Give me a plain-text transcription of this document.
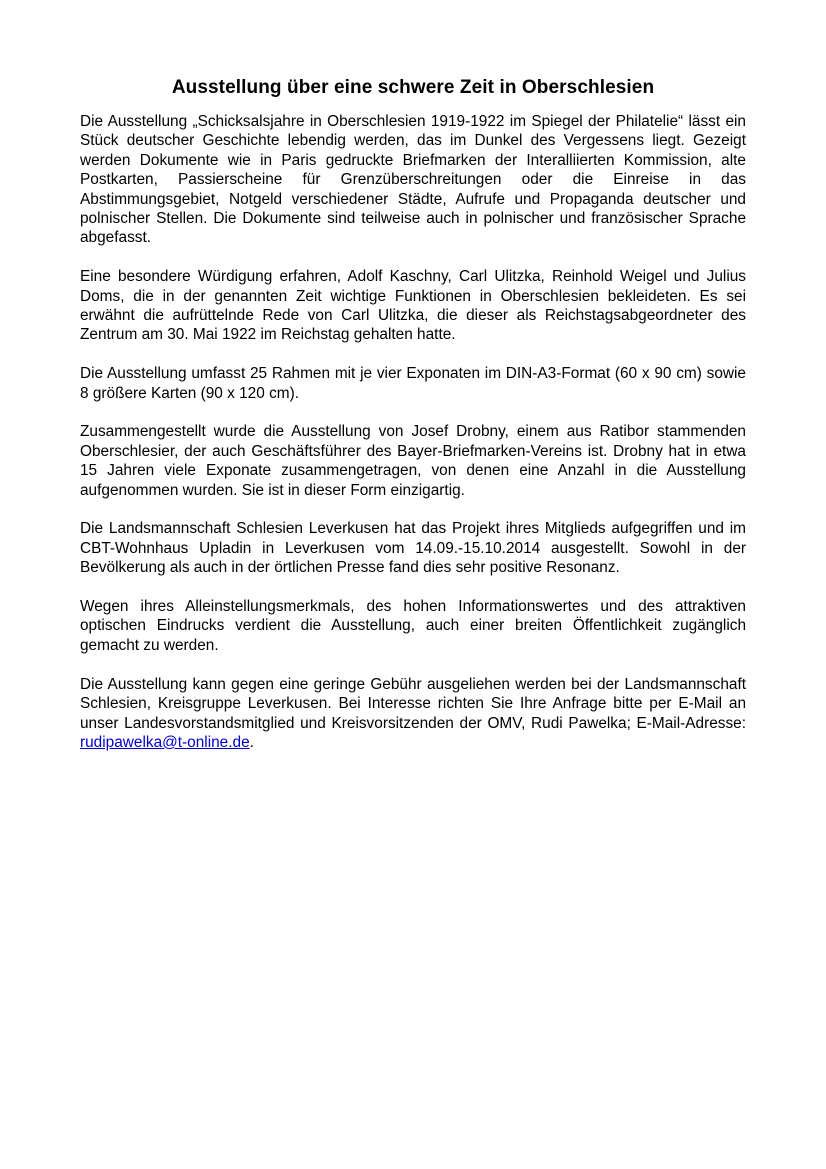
Ausstellung über eine schwere Zeit in Oberschlesien

Die Ausstellung „Schicksalsjahre in Oberschlesien 1919-1922 im Spiegel der Philatelie“ lässt ein Stück deutscher Geschichte lebendig werden, das im Dunkel des Vergessens liegt. Gezeigt werden Dokumente wie in Paris gedruckte Briefmarken der Interalliierten Kommission, alte Postkarten, Passierscheine für Grenzüberschreitungen oder die Einreise in das Abstimmungsgebiet, Notgeld verschiedener Städte, Aufrufe und Propaganda deutscher und polnischer Stellen. Die Dokumente sind teilweise auch in polnischer und französischer Sprache abgefasst.

Eine besondere Würdigung erfahren, Adolf Kaschny, Carl Ulitzka, Reinhold Weigel und Julius Doms, die in der genannten Zeit wichtige Funktionen in Oberschlesien bekleideten. Es sei erwähnt die aufrüttelnde Rede von Carl Ulitzka, die dieser als Reichstagsabgeordneter des Zentrum am 30. Mai 1922 im Reichstag gehalten hatte.

Die Ausstellung umfasst 25 Rahmen mit je vier Exponaten im DIN-A3-Format (60 x 90 cm) sowie 8 größere Karten (90 x 120 cm).

Zusammengestellt wurde die Ausstellung von Josef Drobny, einem aus Ratibor stammenden Oberschlesier, der auch Geschäftsführer des Bayer-Briefmarken-Vereins ist. Drobny hat in etwa 15 Jahren viele Exponate zusammengetragen, von denen eine Anzahl in die Ausstellung aufgenommen wurden. Sie ist in dieser Form einzigartig.

Die Landsmannschaft Schlesien Leverkusen hat das Projekt ihres Mitglieds aufgegriffen und im CBT-Wohnhaus Upladin in Leverkusen vom 14.09.-15.10.2014 ausgestellt. Sowohl in der Bevölkerung als auch in der örtlichen Presse fand dies sehr positive Resonanz.

Wegen ihres Alleinstellungsmerkmals, des hohen Informationswertes und des attraktiven optischen Eindrucks verdient die Ausstellung, auch einer breiten Öffentlichkeit zugänglich gemacht zu werden.

Die Ausstellung kann gegen eine geringe Gebühr ausgeliehen werden bei der Landsmannschaft Schlesien, Kreisgruppe Leverkusen. Bei Interesse richten Sie Ihre Anfrage bitte per E-Mail an unser Landesvorstandsmitglied und Kreisvorsitzenden der OMV, Rudi Pawelka; E-Mail-Adresse: rudipawelka@t-online.de.
